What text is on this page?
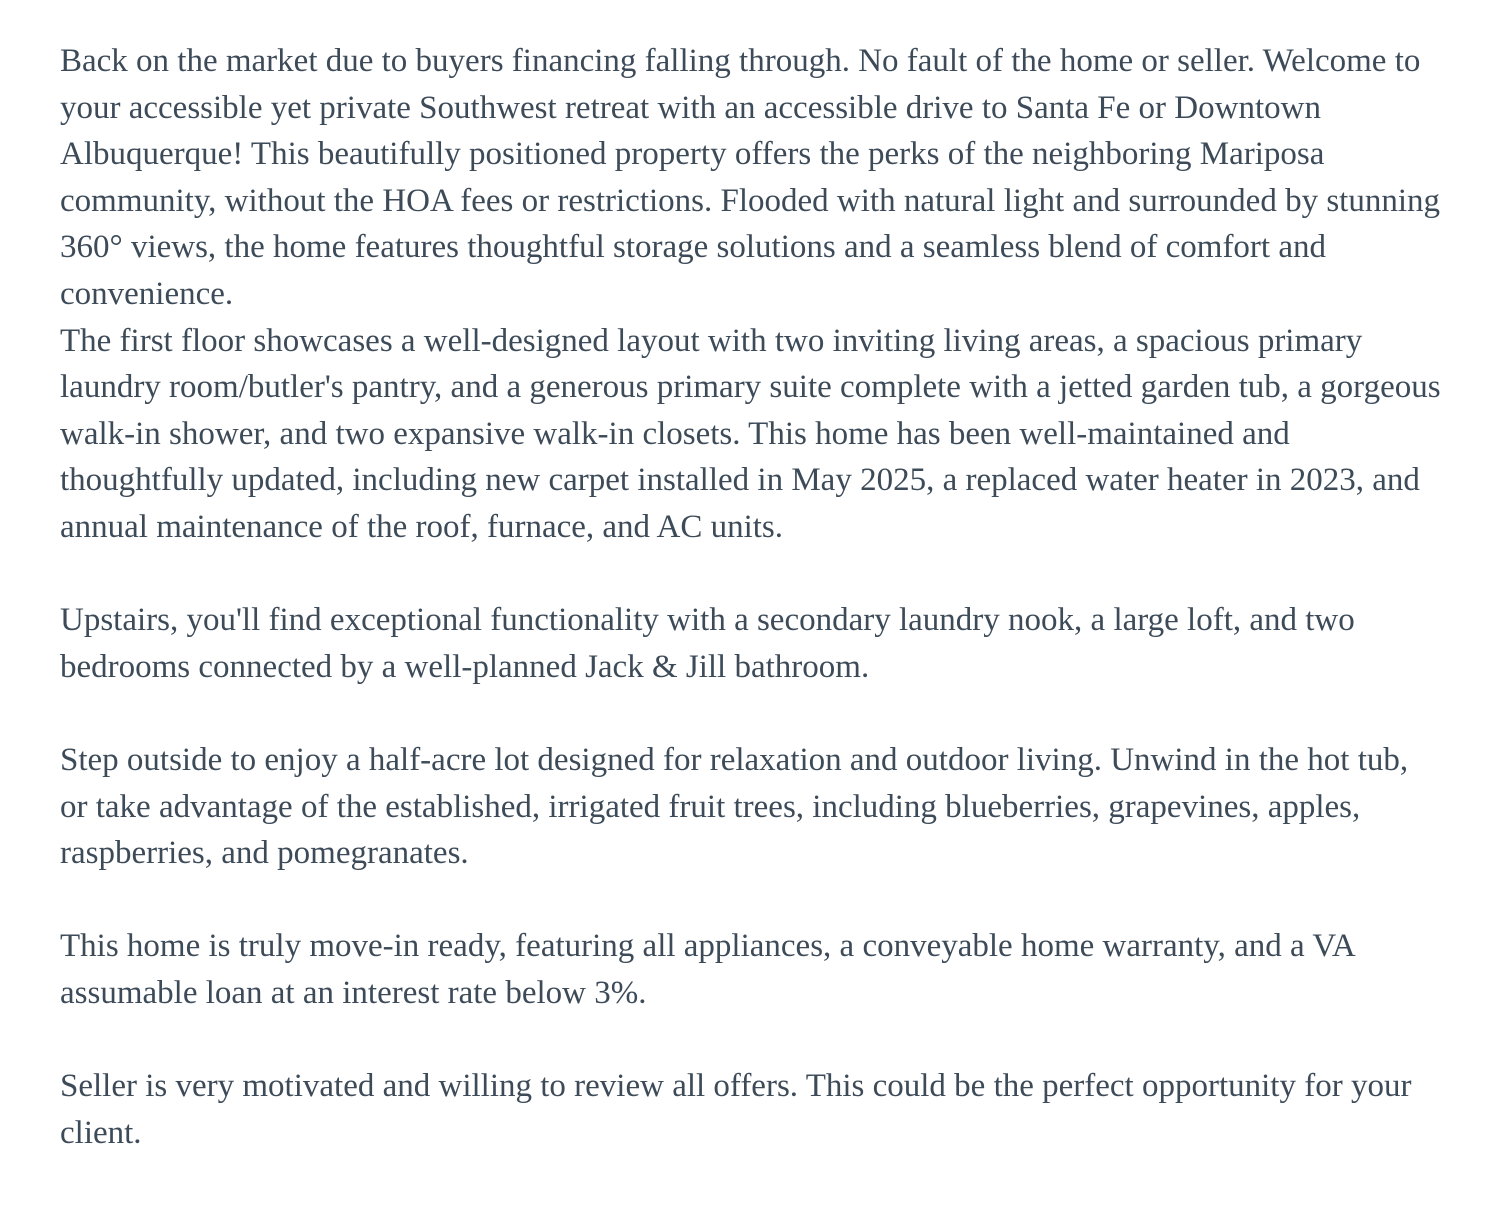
Back on the market due to buyers financing falling through. No fault of the home or seller. Welcome to your accessible yet private Southwest retreat with an accessible drive to Santa Fe or Downtown Albuquerque! This beautifully positioned property offers the perks of the neighboring Mariposa community, without the HOA fees or restrictions. Flooded with natural light and surrounded by stunning 360° views, the home features thoughtful storage solutions and a seamless blend of comfort and convenience.

The first floor showcases a well-designed layout with two inviting living areas, a spacious primary laundry room/butler's pantry, and a generous primary suite complete with a jetted garden tub, a gorgeous walk-in shower, and two expansive walk-in closets. This home has been well-maintained and thoughtfully updated, including new carpet installed in May 2025, a replaced water heater in 2023, and annual maintenance of the roof, furnace, and AC units.

Upstairs, you'll find exceptional functionality with a secondary laundry nook, a large loft, and two bedrooms connected by a well-planned Jack & Jill bathroom.

Step outside to enjoy a half-acre lot designed for relaxation and outdoor living. Unwind in the hot tub, or take advantage of the established, irrigated fruit trees, including blueberries, grapevines, apples, raspberries, and pomegranates.

This home is truly move-in ready, featuring all appliances, a conveyable home warranty, and a VA assumable loan at an interest rate below 3%.

Seller is very motivated and willing to review all offers. This could be the perfect opportunity for your client.
